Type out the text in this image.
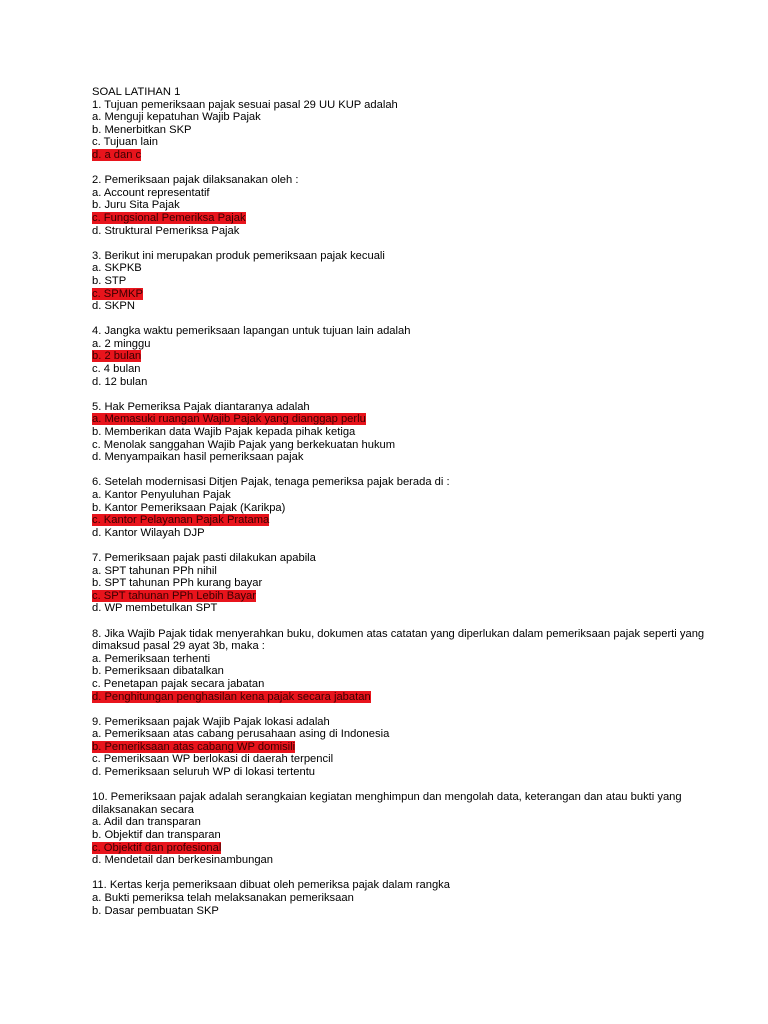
SOAL LATIHAN 1
1. Tujuan pemeriksaan pajak sesuai pasal 29 UU KUP adalah
a. Menguji kepatuhan Wajib Pajak
b. Menerbitkan SKP
c. Tujuan lain
d. a dan c
2. Pemeriksaan pajak dilaksanakan oleh :
a. Account representatif
b. Juru Sita Pajak
c. Fungsional Pemeriksa Pajak
d. Struktural Pemeriksa Pajak
3. Berikut ini merupakan produk pemeriksaan pajak kecuali
a. SKPKB
b. STP
c. SPMKP
d. SKPN
4. Jangka waktu pemeriksaan lapangan untuk tujuan lain adalah
a. 2 minggu
b. 2 bulan
c. 4 bulan
d. 12 bulan
5. Hak Pemeriksa Pajak diantaranya adalah
a. Memasuki ruangan Wajib Pajak yang dianggap perlu
b. Memberikan data Wajib Pajak kepada pihak ketiga
c. Menolak sanggahan Wajib Pajak yang berkekuatan hukum
d. Menyampaikan hasil pemeriksaan pajak
6. Setelah modernisasi Ditjen Pajak, tenaga pemeriksa pajak berada di :
a. Kantor Penyuluhan Pajak
b. Kantor Pemeriksaan Pajak (Karikpa)
c. Kantor Pelayanan Pajak Pratama
d. Kantor Wilayah DJP
7. Pemeriksaan pajak pasti dilakukan apabila
a. SPT tahunan PPh nihil
b. SPT tahunan PPh kurang bayar
c. SPT tahunan PPh Lebih Bayar
d. WP membetulkan SPT
8. Jika Wajib Pajak tidak menyerahkan buku, dokumen atas catatan yang diperlukan dalam pemeriksaan pajak seperti yang dimaksud pasal 29 ayat 3b, maka :
a. Pemeriksaan terhenti
b. Pemeriksaan dibatalkan
c. Penetapan pajak secara jabatan
d. Penghitungan penghasilan kena pajak secara jabatan
9. Pemeriksaan pajak Wajib Pajak lokasi adalah
a. Pemeriksaan atas cabang perusahaan asing di Indonesia
b. Pemeriksaan atas cabang WP domisili
c. Pemeriksaan WP berlokasi di daerah terpencil
d. Pemeriksaan seluruh WP di lokasi tertentu
10. Pemeriksaan pajak adalah serangkaian kegiatan menghimpun dan mengolah data, keterangan dan atau bukti yang dilaksanakan secara
a. Adil dan transparan
b. Objektif dan transparan
c. Objektif dan profesional
d. Mendetail dan berkesinambungan
11. Kertas kerja pemeriksaan dibuat oleh pemeriksa pajak dalam rangka
a. Bukti pemeriksa telah melaksanakan pemeriksaan
b. Dasar pembuatan SKP
